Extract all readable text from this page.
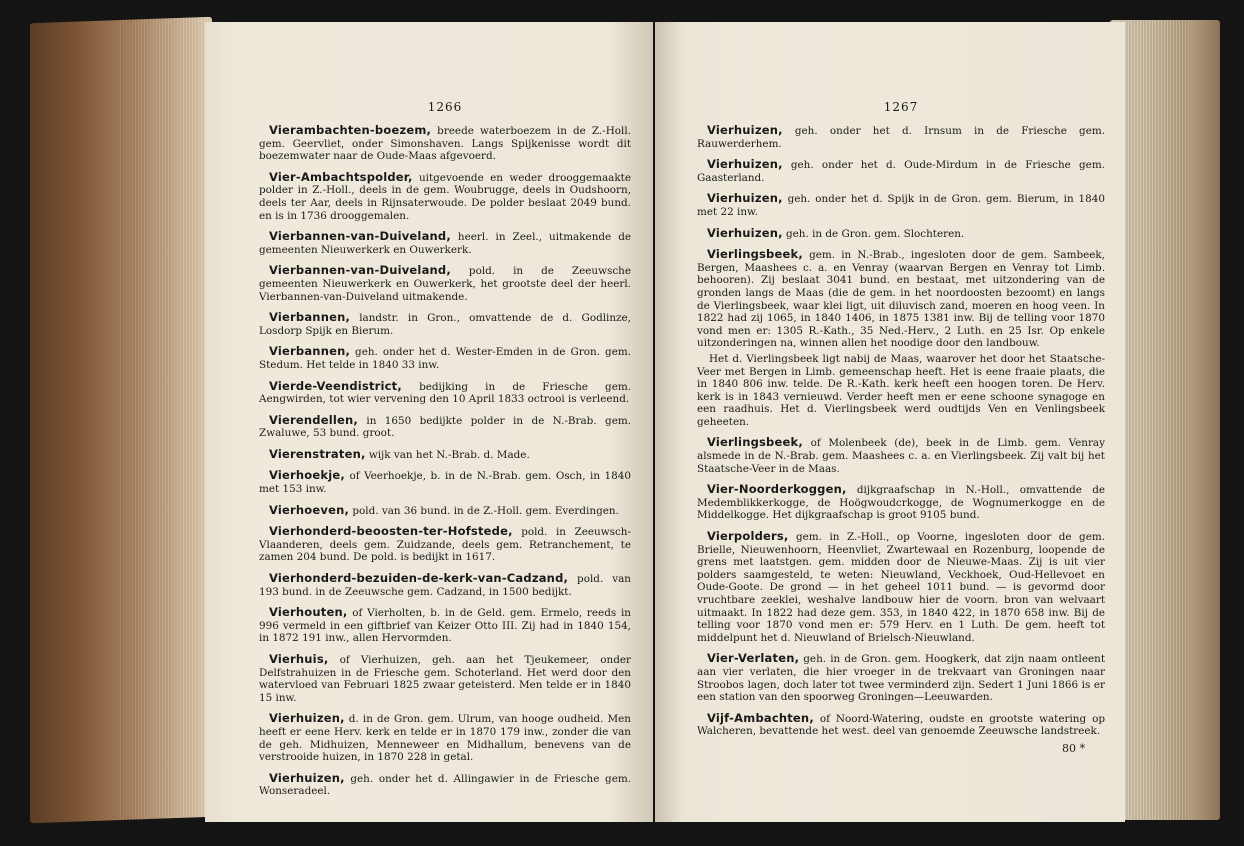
1266

Vierambachten-boezem, breede waterboezem in de Z.-Holl. gem. Geervliet, onder Simonshaven. Langs Spijkenisse wordt dit boezemwater naar de Oude-Maas afgevoerd.

Vier-Ambachtspolder, uitgevoende en weder drooggemaakte polder in Z.-Holl., deels in de gem. Woubrugge, deels in Oudshoorn, deels ter Aar, deels in Rijnsaterwoude. De polder beslaat 2049 bund. en is in 1736 drooggemalen.

Vierbannen-van-Duiveland, heerl. in Zeel., uitmakende de gemeenten Nieuwerkerk en Ouwerkerk.

Vierbannen-van-Duiveland, pold. in de Zeeuwsche gemeenten Nieuwerkerk en Ouwerkerk, het grootste deel der heerl. Vierbannen-van-Duiveland uitmakende.

Vierbannen, landstr. in Gron., omvattende de d. Godlinze, Losdorp Spijk en Bierum.

Vierbannen, geh. onder het d. Wester-Emden in de Gron. gem. Stedum. Het telde in 1840 33 inw.

Vierde-Veendistrict, bedijking in de Friesche gem. Aengwirden, tot wier vervening den 10 April 1833 octrooi is verleend.

Vierendellen, in 1650 bedijkte polder in de N.-Brab. gem. Zwaluwe, 53 bund. groot.

Vierenstraten, wijk van het N.-Brab. d. Made.

Vierhoekje, of Veerhoekje, b. in de N.-Brab. gem. Osch, in 1840 met 153 inw.

Vierhoeven, pold. van 36 bund. in de Z.-Holl. gem. Everdingen.

Vierhonderd-beoosten-ter-Hofstede, pold. in Zeeuwsch-Vlaanderen, deels gem. Zuidzande, deels gem. Retranchement, te zamen 204 bund. De pold. is bedijkt in 1617.

Vierhonderd-bezuiden-de-kerk-van-Cadzand, pold. van 193 bund. in de Zeeuwsche gem. Cadzand, in 1500 bedijkt.

Vierhouten, of Vierholten, b. in de Geld. gem. Ermelo, reeds in 996 vermeld in een giftbrief van Keizer Otto III. Zij had in 1840 154, in 1872 191 inw., allen Hervormden.

Vierhuis, of Vierhuizen, geh. aan het Tjeukemeer, onder Delfstrahuizen in de Friesche gem. Schoterland. Het werd door den watervloed van Februari 1825 zwaar geteisterd. Men telde er in 1840 15 inw.

Vierhuizen, d. in de Gron. gem. Ulrum, van hooge oudheid. Men heeft er eene Herv. kerk en telde er in 1870 179 inw., zonder die van de geh. Midhuizen, Menneweer en Midhallum, benevens van de verstrooide huizen, in 1870 228 in getal.

Vierhuizen, geh. onder het d. Allingawier in de Friesche gem. Wonseradeel.

1267

Vierhuizen, geh. onder het d. Irnsum in de Friesche gem. Rauwerderhem.

Vierhuizen, geh. onder het d. Oude-Mirdum in de Friesche gem. Gaasterland.

Vierhuizen, geh. onder het d. Spijk in de Gron. gem. Bierum, in 1840 met 22 inw.

Vierhuizen, geh. in de Gron. gem. Slochteren.

Vierlingsbeek, gem. in N.-Brab., ingesloten door de gem. Sambeek, Bergen, Maashees c. a. en Venray (waarvan Bergen en Venray tot Limb. behooren). Zij beslaat 3041 bund. en bestaat, met uitzondering van de gronden langs de Maas (die de gem. in het noordoosten bezoomt) en langs de Vierlingsbeek, waar klei ligt, uit diluvisch zand, moeren en hoog veen. In 1822 had zij 1065, in 1840 1406, in 1875 1381 inw. Bij de telling voor 1870 vond men er: 1305 R.-Kath., 35 Ned.-Herv., 2 Luth. en 25 Isr. Op enkele uitzonderingen na, winnen allen het noodige door den landbouw.

Het d. Vierlingsbeek ligt nabij de Maas, waarover het door het Staatsche-Veer met Bergen in Limb. gemeenschap heeft. Het is eene fraaie plaats, die in 1840 806 inw. telde. De R.-Kath. kerk heeft een hoogen toren. De Herv. kerk is in 1843 vernieuwd. Verder heeft men er eene schoone synagoge en een raadhuis. Het d. Vierlingsbeek werd oudtijds Ven en Venlingsbeek geheeten.

Vierlingsbeek, of Molenbeek (de), beek in de Limb. gem. Venray alsmede in de N.-Brab. gem. Maashees c. a. en Vierlingsbeek. Zij valt bij het Staatsche-Veer in de Maas.

Vier-Noorderkoggen, dijkgraafschap in N.-Holl., omvattende de Medemblikkerkogge, de Hoögwoudcrkogge, de Wognumerkogge en de Middelkogge. Het dijkgraafschap is groot 9105 bund.

Vierpolders, gem. in Z.-Holl., op Voorne, ingesloten door de gem. Brielle, Nieuwenhoorn, Heenvliet, Zwartewaal en Rozenburg, loopende de grens met laatstgen. gem. midden door de Nieuwe-Maas. Zij is uit vier polders saamgesteld, te weten: Nieuwland, Veckhoek, Oud-Hellevoet en Oude-Goote. De grond — in het geheel 1011 bund. — is gevormd door vruchtbare zeeklei, weshalve landbouw hier de voorn. bron van welvaart uitmaakt. In 1822 had deze gem. 353, in 1840 422, in 1870 658 inw. Bij de telling voor 1870 vond men er: 579 Herv. en 1 Luth. De gem. heeft tot middelpunt het d. Nieuwland of Brielsch-Nieuwland.

Vier-Verlaten, geh. in de Gron. gem. Hoogkerk, dat zijn naam ontleent aan vier verlaten, die hier vroeger in de trekvaart van Groningen naar Stroobos lagen, doch later tot twee verminderd zijn. Sedert 1 Juni 1866 is er een station van den spoorweg Groningen—Leeuwarden.

Vijf-Ambachten, of Noord-Watering, oudste en grootste watering op Walcheren, bevattende het west. deel van genoemde Zeeuwsche landstreek.

80 *
